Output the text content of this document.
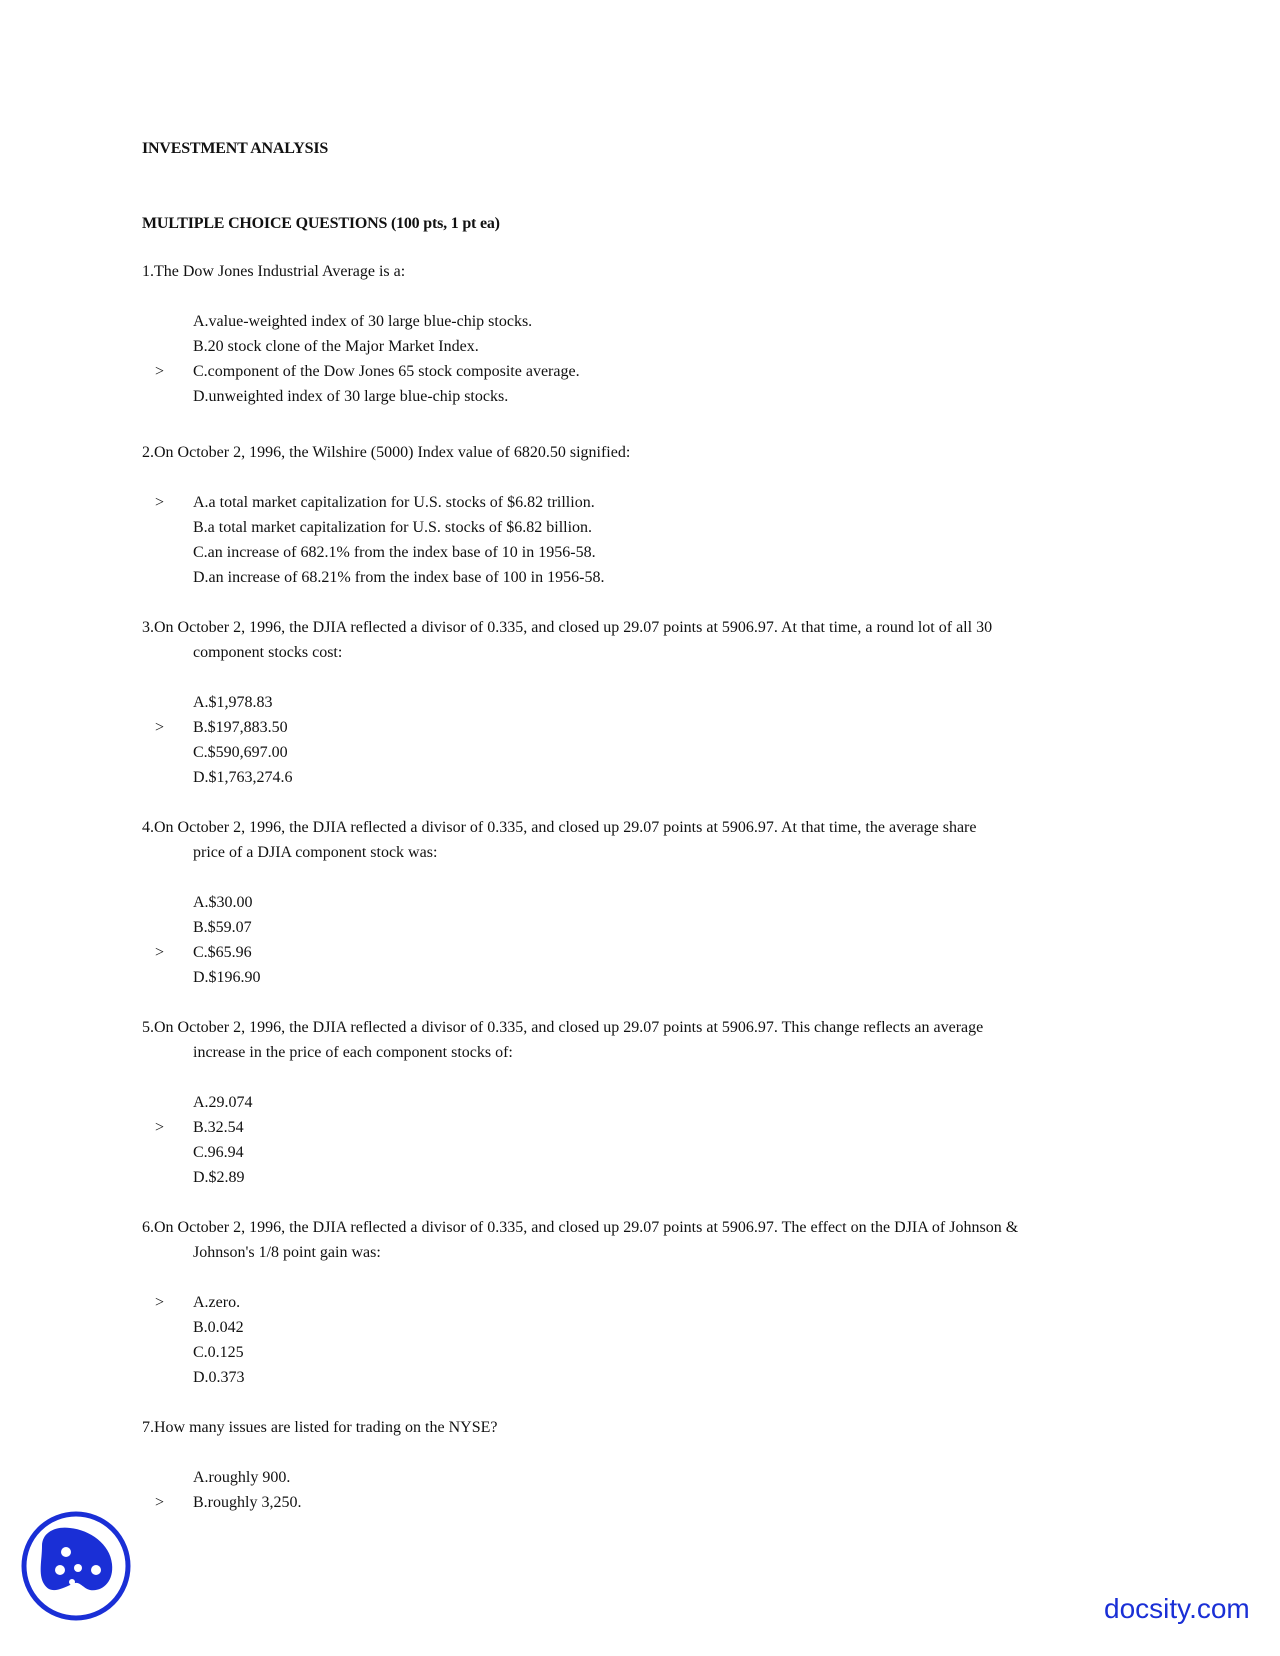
INVESTMENT ANALYSIS
MULTIPLE CHOICE QUESTIONS (100 pts, 1 pt ea)
1.The Dow Jones Industrial Average is a:
A.value-weighted index of 30 large blue-chip stocks.
B.20 stock clone of the Major Market Index.
> C.component of the Dow Jones 65 stock composite average.
D.unweighted index of 30 large blue-chip stocks.
2.On October 2, 1996, the Wilshire (5000) Index value of 6820.50 signified:
> A.a total market capitalization for U.S. stocks of $6.82 trillion.
B.a total market capitalization for U.S. stocks of $6.82 billion.
C.an increase of 682.1% from the index base of 10 in 1956-58.
D.an increase of 68.21% from the index base of 100 in 1956-58.
3.On October 2, 1996, the DJIA reflected a divisor of 0.335, and closed up 29.07 points at 5906.97. At that time, a round lot of all 30
component stocks cost:
A.$1,978.83
> B.$197,883.50
C.$590,697.00
D.$1,763,274.6
4.On October 2, 1996, the DJIA reflected a divisor of 0.335, and closed up 29.07 points at 5906.97. At that time, the average share
price of a DJIA component stock was:
A.$30.00
B.$59.07
> C.$65.96
D.$196.90
5.On October 2, 1996, the DJIA reflected a divisor of 0.335, and closed up 29.07 points at 5906.97. This change reflects an average
increase in the price of each component stocks of:
A.29.074
> B.32.54
C.96.94
D.$2.89
6.On October 2, 1996, the DJIA reflected a divisor of 0.335, and closed up 29.07 points at 5906.97. The effect on the DJIA of Johnson &
Johnson's 1/8 point gain was:
> A.zero.
B.0.042
C.0.125
D.0.373
7.How many issues are listed for trading on the NYSE?
A.roughly 900.
> B.roughly 3,250.
docsity.com
